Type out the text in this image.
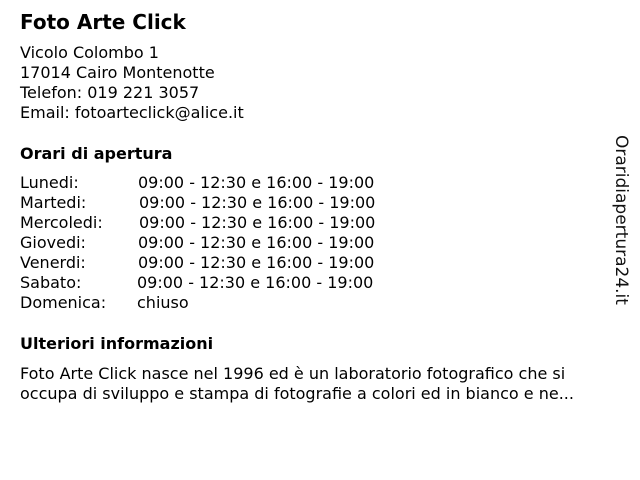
Foto Arte Click
Vicolo Colombo 1
17014 Cairo Montenotte
Telefon: 019 221 3057
Email: fotoarteclick@alice.it
Orari di apertura
Lunedi:	09:00 - 12:30 e 16:00 - 19:00
Martedi:	09:00 - 12:30 e 16:00 - 19:00
Mercoledi: 09:00 - 12:30 e 16:00 - 19:00
Giovedi:	09:00 - 12:30 e 16:00 - 19:00
Venerdi:	09:00 - 12:30 e 16:00 - 19:00
Sabato:	09:00 - 12:30 e 16:00 - 19:00
Domenica: chiuso
Ulteriori informazioni
Foto Arte Click nasce nel 1996 ed è un laboratorio fotografico che si
occupa di sviluppo e stampa di fotografie a colori ed in bianco e ne...
Oraridiapertura24.it
